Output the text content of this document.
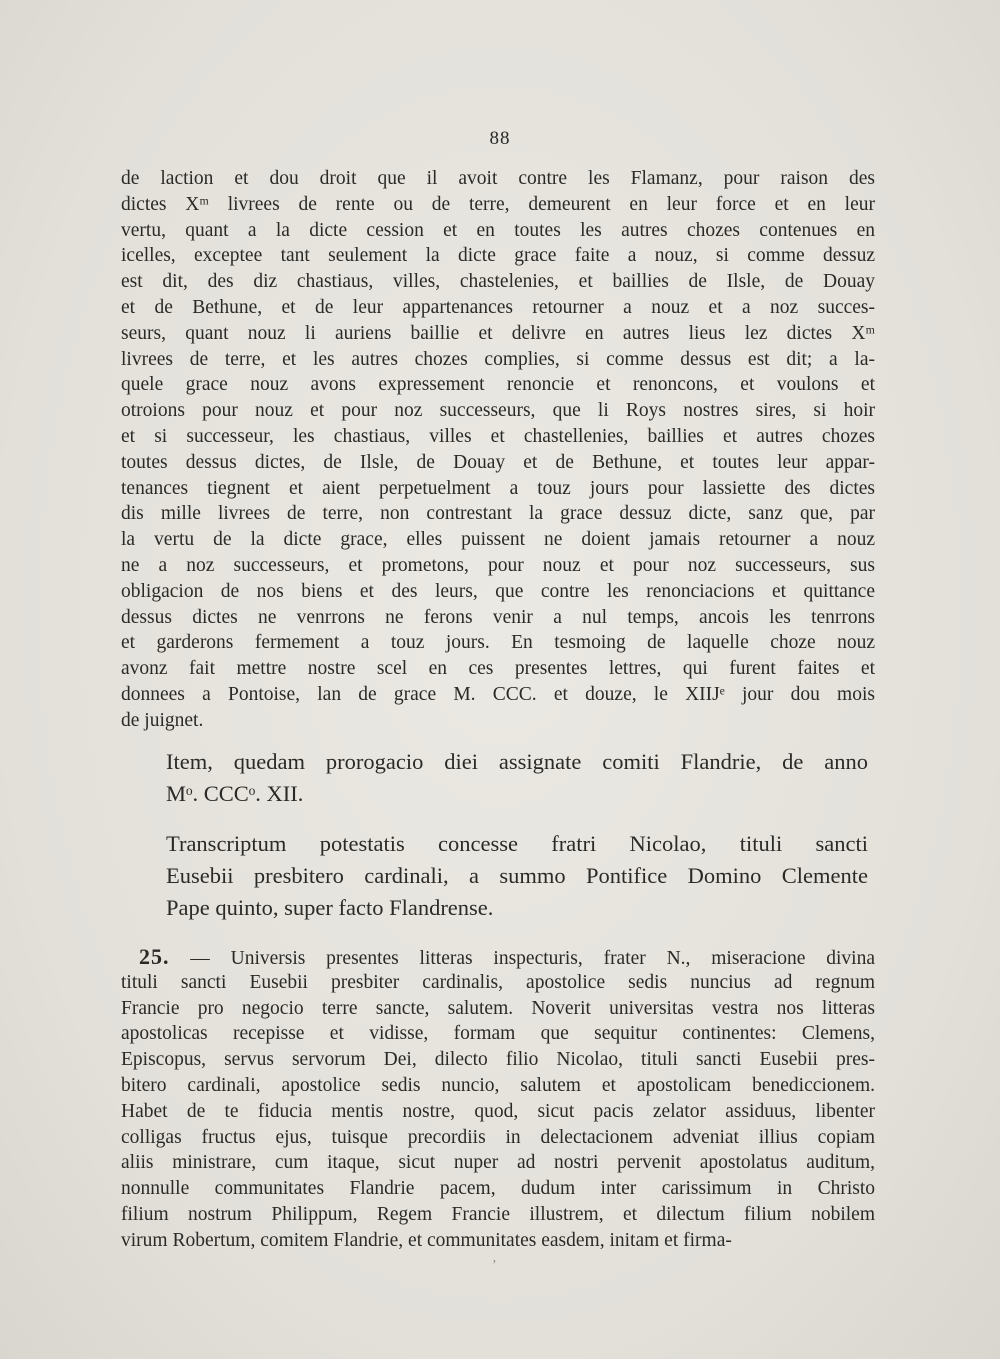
88
de laction et dou droit que il avoit contre les Flamanz, pour raison des
dictes Xᵐ livrees de rente ou de terre, demeurent en leur force et en leur
vertu, quant a la dicte cession et en toutes les autres chozes contenues en
icelles, exceptee tant seulement la dicte grace faite a nouz, si comme dessuz
est dit, des diz chastiaus, villes, chastelenies, et baillies de Ilsle, de Douay
et de Bethune, et de leur appartenances retourner a nouz et a noz succes-
seurs, quant nouz li auriens baillie et delivre en autres lieus lez dictes Xᵐ
livrees de terre, et les autres chozes complies, si comme dessus est dit; a la-
quele grace nouz avons expressement renoncie et renoncons, et voulons et
otroions pour nouz et pour noz successeurs, que li Roys nostres sires, si hoir
et si successeur, les chastiaus, villes et chastellenies, baillies et autres chozes
toutes dessus dictes, de Ilsle, de Douay et de Bethune, et toutes leur appar-
tenances tiegnent et aient perpetuelment a touz jours pour lassiette des dictes
dis mille livrees de terre, non contrestant la grace dessuz dicte, sanz que, par
la vertu de la dicte grace, elles puissent ne doient jamais retourner a nouz
ne a noz successeurs, et prometons, pour nouz et pour noz successeurs, sus
obligacion de nos biens et des leurs, que contre les renonciacions et quittance
dessus dictes ne venrrons ne ferons venir a nul temps, ancois les tenrrons
et garderons fermement a touz jours. En tesmoing de laquelle choze nouz
avonz fait mettre nostre scel en ces presentes lettres, qui furent faites et
donnees a Pontoise, lan de grace M. CCC. et douze, le XIIJᵉ jour dou mois
de juignet.
Item, quedam prorogacio diei assignate comiti Flandrie, de anno
Mᵒ. CCCᵒ. XII.
Transcriptum potestatis concesse fratri Nicolao, tituli sancti
Eusebii presbitero cardinali, a summo Pontifice Domino Clemente
Pape quinto, super facto Flandrense.
25. — Universis presentes litteras inspecturis, frater N., miseracione divina
tituli sancti Eusebii presbiter cardinalis, apostolice sedis nuncius ad regnum
Francie pro negocio terre sancte, salutem. Noverit universitas vestra nos litteras
apostolicas recepisse et vidisse, formam que sequitur continentes: Clemens,
Episcopus, servus servorum Dei, dilecto filio Nicolao, tituli sancti Eusebii pres-
bitero cardinali, apostolice sedis nuncio, salutem et apostolicam benediccionem.
Habet de te fiducia mentis nostre, quod, sicut pacis zelator assiduus, libenter
colligas fructus ejus, tuisque precordiis in delectacionem adveniat illius copiam
aliis ministrare, cum itaque, sicut nuper ad nostri pervenit apostolatus auditum,
nonnulle communitates Flandrie pacem, dudum inter carissimum in Christo
filium nostrum Philippum, Regem Francie illustrem, et dilectum filium nobilem
virum Robertum, comitem Flandrie, et communitates easdem, initam et firma-
ʼ
